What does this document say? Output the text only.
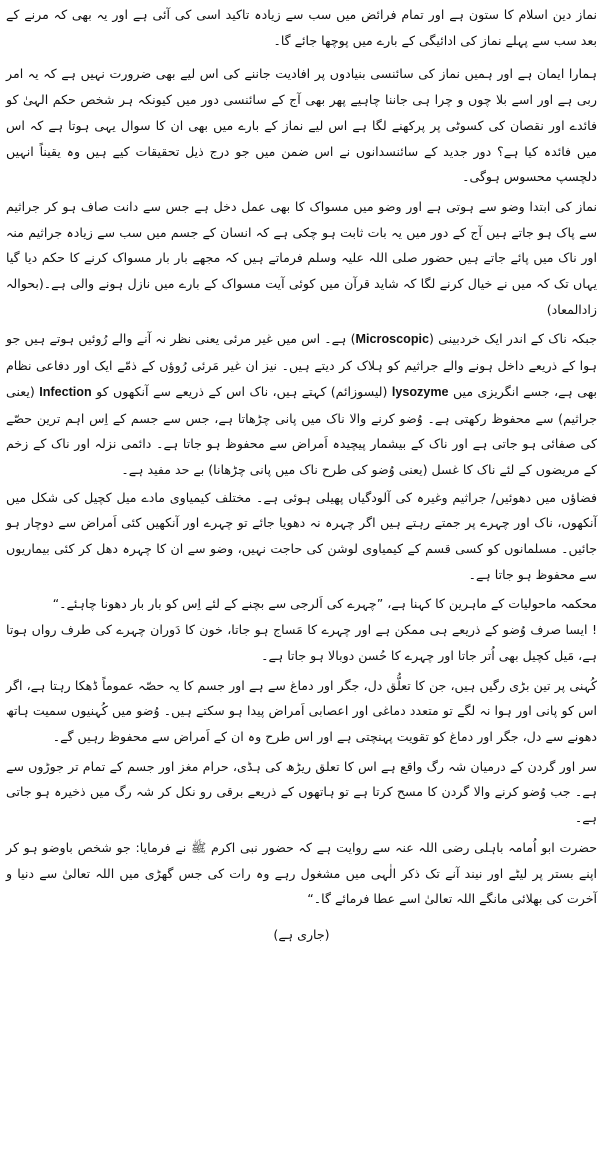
نماز دین اسلام کا ستون ہے اور تمام فرائض میں سب سے زیادہ تاکید اسی کی آئی ہے اور یہ بھی کہ مرنے کے بعد سب سے پہلے نماز کی ادائیگی کے بارے میں پوچھا جائے گا۔

ہمارا ایمان ہے اور ہمیں نماز کی سائنسی بنیادوں پر افادیت جاننے کی اس لیے بھی ضرورت نہیں ہے کہ یہ امر ربی ہے اور اسے بلا چوں و چرا ہی جاننا چاہیے پھر بھی آج کے سائنسی دور میں کیونکہ ہر شخص حکم الہیٰ کو فائدے اور نقصان کی کسوٹی پر پرکھنے لگا ہے اس لیے نماز کے بارے میں بھی ان کا سوال یہی ہوتا ہے کہ اس میں فائدہ کیا ہے؟ دور جدید کے سائنسدانوں نے اس ضمن میں جو درج ذیل تحقیقات کیے ہیں وہ یقیناً انہیں دلچسپ محسوس ہوگی۔

نماز کی ابتدا وضو سے ہوتی ہے اور وضو میں مسواک کا بھی عمل دخل ہے جس سے دانت صاف ہو کر جراثیم سے پاک ہو جاتے ہیں آج کے دور میں یہ بات ثابت ہو چکی ہے کہ انسان کے جسم میں سب سے زیادہ جراثیم منہ اور ناک میں پائے جاتے ہیں حضور صلی اللہ علیہ وسلم فرماتے ہیں کہ مجھے بار بار مسواک کرنے کا حکم دیا گیا یہاں تک کہ میں نے خیال کرنے لگا کہ شاید قرآن میں کوئی آیت مسواک کے بارے میں نازل ہونے والی ہے۔(بحوالہ زادالمعاد)

جبکہ ناک کے اندر ایک خردبینی (Microscopic) ہے۔ اس میں غیر مرئی یعنی نظر نہ آنے والے رُوئیں ہوتے ہیں جو ہوا کے ذریعے داخل ہونے والے جراثیم کو ہلاک کر دیتے ہیں۔ نیز ان غیر مَرئی رُوؤں کے ذمّے ایک اور دفاعی نظام بھی ہے، جسے انگریزی میں lysozyme (لیسوزائم) کہتے ہیں، ناک اس کے ذریعے سے آنکھوں کو Infection (یعنی جراثیم) سے محفوظ رکھتی ہے۔ وُضو کرنے والا ناک میں پانی چڑھاتا ہے، جس سے جسم کے اِس اہم ترین حصّے کی صفائی ہو جاتی ہے اور ناک کے بیشمار پیچیدہ اَمراض سے محفوظ ہو جاتا ہے۔ دائمی نزلہ اور ناک کے زخم کے مریضوں کے لئے ناک کا غسل (یعنی وُضو کی طرح ناک میں پانی چڑھانا) بے حد مفید ہے۔

فضاؤں میں دھوئیں/ جراثیم وغیرہ کی آلودگیاں پھیلی ہوئی ہے۔ مختلف کیمیاوی مادے میل کچیل کی شکل میں آنکھوں، ناک اور چہرے پر جمتے رہتے ہیں اگر چہرہ نہ دھویا جائے تو چہرے اور آنکھیں کئی اَمراض سے دوچار ہو جائیں۔ مسلمانوں کو کسی قسم کے کیمیاوی لوشن کی حاجت نہیں، وضو سے ان کا چہرہ دھل کر کئی بیماریوں سے محفوظ ہو جاتا ہے۔

محکمہ ماحولیات کے ماہرین کا کہنا ہے، ”چہرے کی اَلرجی سے بچنے کے لئے اِس کو بار بار دھونا چاہئے۔“

! ایسا صرف وُضو کے ذریعے ہی ممکن ہے اور چہرے کا مَساج ہو جاتا، خون کا دَوران چہرے کی طرف رواں ہوتا ہے، مَیل کچیل بھی اُتر جاتا اور چہرے کا حُسن دوبالا ہو جاتا ہے۔

کُہنی پر تین بڑی رگیں ہیں، جن کا تعلُّق دل، جگر اور دماغ سے ہے اور جسم کا یہ حصّہ عموماً ڈھکا رہتا ہے، اگر اس کو پانی اور ہوا نہ لگے تو متعدد دماغی اور اعصابی اَمراض پیدا ہو سکتے ہیں۔ وُضو میں کُہنیوں سمیت ہاتھ دھونے سے دل، جگر اور دماغ کو تقویت پہنچتی ہے اور اس طرح وہ ان کے اَمراض سے محفوظ رہیں گے۔

سر اور گردن کے درمیان شہ رگ واقع ہے اس کا تعلق ریڑھ کی ہڈی، حرام مغز اور جسم کے تمام تر جوڑوں سے ہے۔ جب وُضو کرنے والا گردن کا مسح کرتا ہے تو ہاتھوں کے ذریعے برقی رو نکل کر شہ رگ میں ذخیرہ ہو جاتی ہے۔

حضرت ابو اُمامہ باہلی رضی اللہ عنہ سے روایت ہے کہ حضور نبی اکرم ﷺ نے فرمایا: جو شخص باوضو ہو کر اپنے بستر پر لیٹے اور نیند آنے تک ذکر الٰہی میں مشغول رہے وہ رات کی جس گھڑی میں اللہ تعالیٰ سے دنیا و آخرت کی بھلائی مانگے اللہ تعالیٰ اسے عطا فرمائے گا۔“

(جاری ہے)
